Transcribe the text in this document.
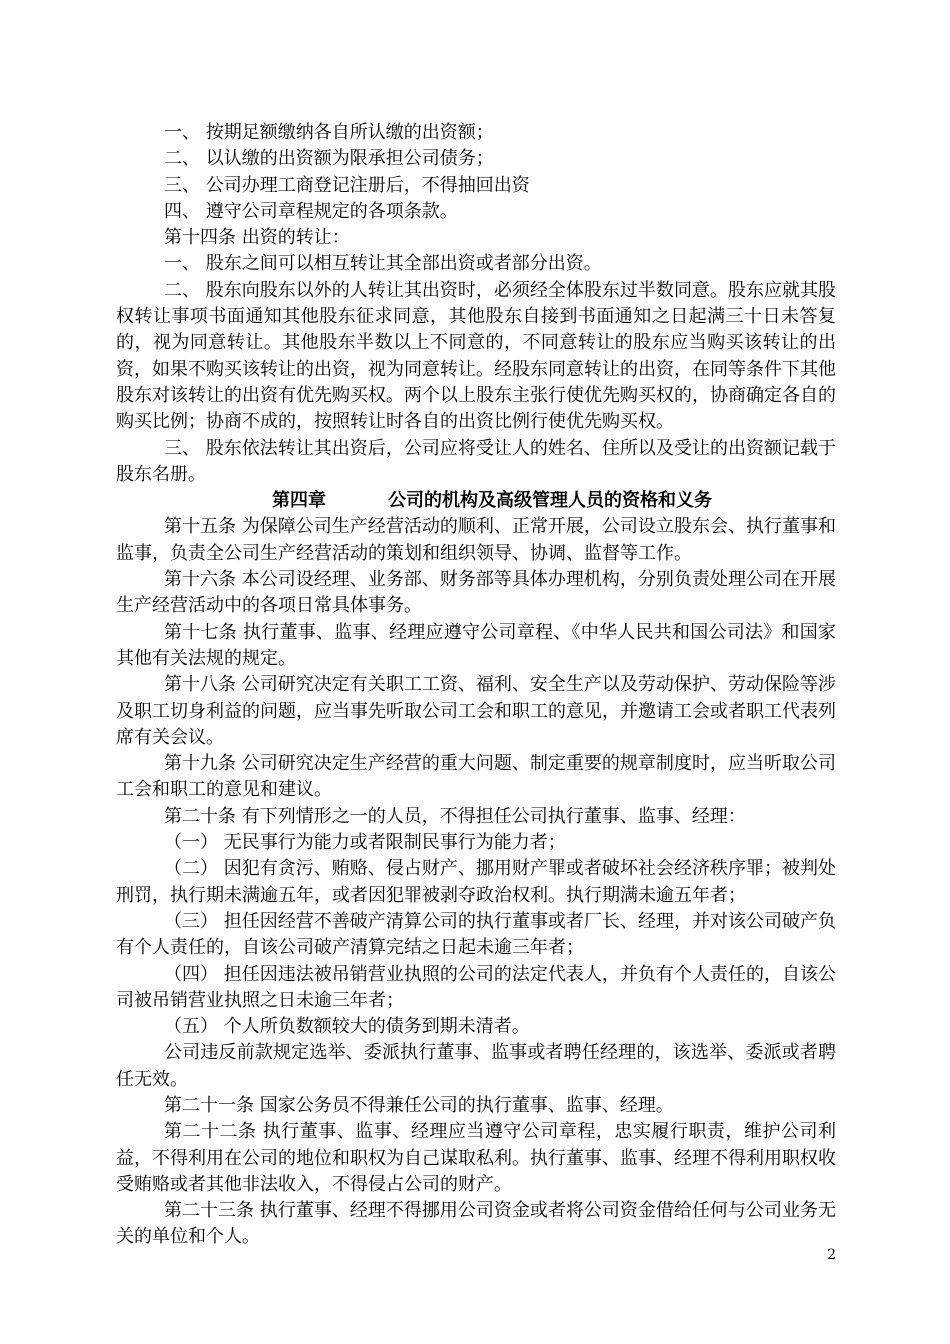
一、 按期足额缴纳各自所认缴的出资额；

二、 以认缴的出资额为限承担公司债务；

三、 公司办理工商登记注册后，不得抽回出资

四、 遵守公司章程规定的各项条款。

第十四条 出资的转让：

一、 股东之间可以相互转让其全部出资或者部分出资。

二、 股东向股东以外的人转让其出资时，必须经全体股东过半数同意。股东应就其股权转让事项书面通知其他股东征求同意，其他股东自接到书面通知之日起满三十日未答复的，视为同意转让。其他股东半数以上不同意的，不同意转让的股东应当购买该转让的出资，如果不购买该转让的出资，视为同意转让。经股东同意转让的出资，在同等条件下其他股东对该转让的出资有优先购买权。两个以上股东主张行使优先购买权的，协商确定各自的购买比例；协商不成的，按照转让时各自的出资比例行使优先购买权。

三、 股东依法转让其出资后，公司应将受让人的姓名、住所以及受让的出资额记载于股东名册。

第四章	公司的机构及高级管理人员的资格和义务

第十五条 为保障公司生产经营活动的顺利、正常开展，公司设立股东会、执行董事和监事，负责全公司生产经营活动的策划和组织领导、协调、监督等工作。

第十六条 本公司设经理、业务部、财务部等具体办理机构，分别负责处理公司在开展生产经营活动中的各项日常具体事务。

第十七条 执行董事、监事、经理应遵守公司章程、《中华人民共和国公司法》和国家其他有关法规的规定。

第十八条 公司研究决定有关职工工资、福利、安全生产以及劳动保护、劳动保险等涉及职工切身利益的问题，应当事先听取公司工会和职工的意见，并邀请工会或者职工代表列席有关会议。

第十九条 公司研究决定生产经营的重大问题、制定重要的规章制度时，应当听取公司工会和职工的意见和建议。

第二十条 有下列情形之一的人员，不得担任公司执行董事、监事、经理：

（一） 无民事行为能力或者限制民事行为能力者；

（二） 因犯有贪污、贿赂、侵占财产、挪用财产罪或者破坏社会经济秩序罪；被判处刑罚，执行期未满逾五年，或者因犯罪被剥夺政治权利。执行期满未逾五年者；

（三） 担任因经营不善破产清算公司的执行董事或者厂长、经理，并对该公司破产负有个人责任的，自该公司破产清算完结之日起未逾三年者；

（四） 担任因违法被吊销营业执照的公司的法定代表人，并负有个人责任的，自该公司被吊销营业执照之日未逾三年者；

（五） 个人所负数额较大的债务到期未清者。

公司违反前款规定选举、委派执行董事、监事或者聘任经理的，该选举、委派或者聘任无效。

第二十一条 国家公务员不得兼任公司的执行董事、监事、经理。

第二十二条 执行董事、监事、经理应当遵守公司章程，忠实履行职责，维护公司利益，不得利用在公司的地位和职权为自己谋取私利。执行董事、监事、经理不得利用职权收受贿赂或者其他非法收入，不得侵占公司的财产。

第二十三条 执行董事、经理不得挪用公司资金或者将公司资金借给任何与公司业务无关的单位和个人。

2
